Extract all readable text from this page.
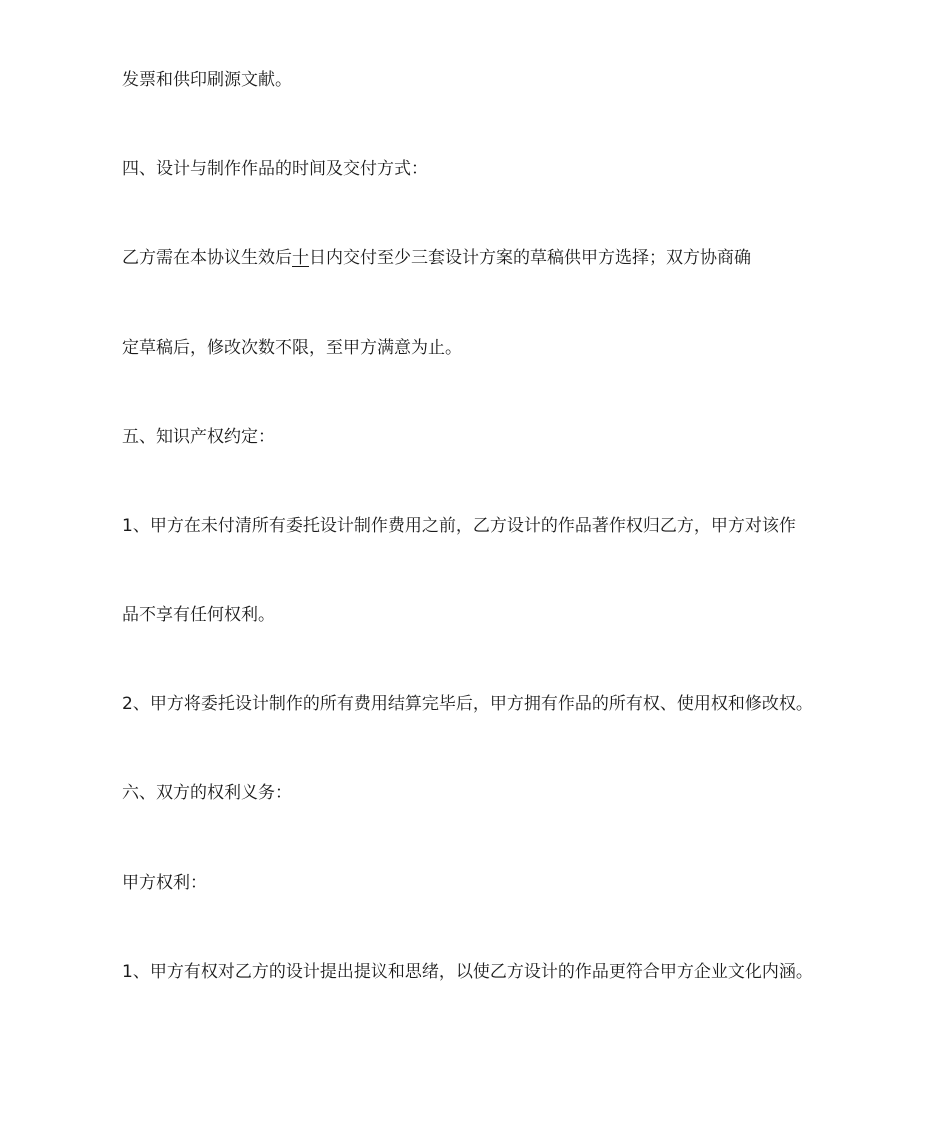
发票和供印刷源文献。
四、设计与制作作品的时间及交付方式：
乙方需在本协议生效后十日内交付至少三套设计方案的草稿供甲方选择；双方协商确
定草稿后，修改次数不限，至甲方满意为止。
五、知识产权约定：
1、甲方在未付清所有委托设计制作费用之前，乙方设计的作品著作权归乙方，甲方对该作
品不享有任何权利。
2、甲方将委托设计制作的所有费用结算完毕后，甲方拥有作品的所有权、使用权和修改权。
六、双方的权利义务：
甲方权利：
1、甲方有权对乙方的设计提出提议和思绪，以使乙方设计的作品更符合甲方企业文化内涵。
